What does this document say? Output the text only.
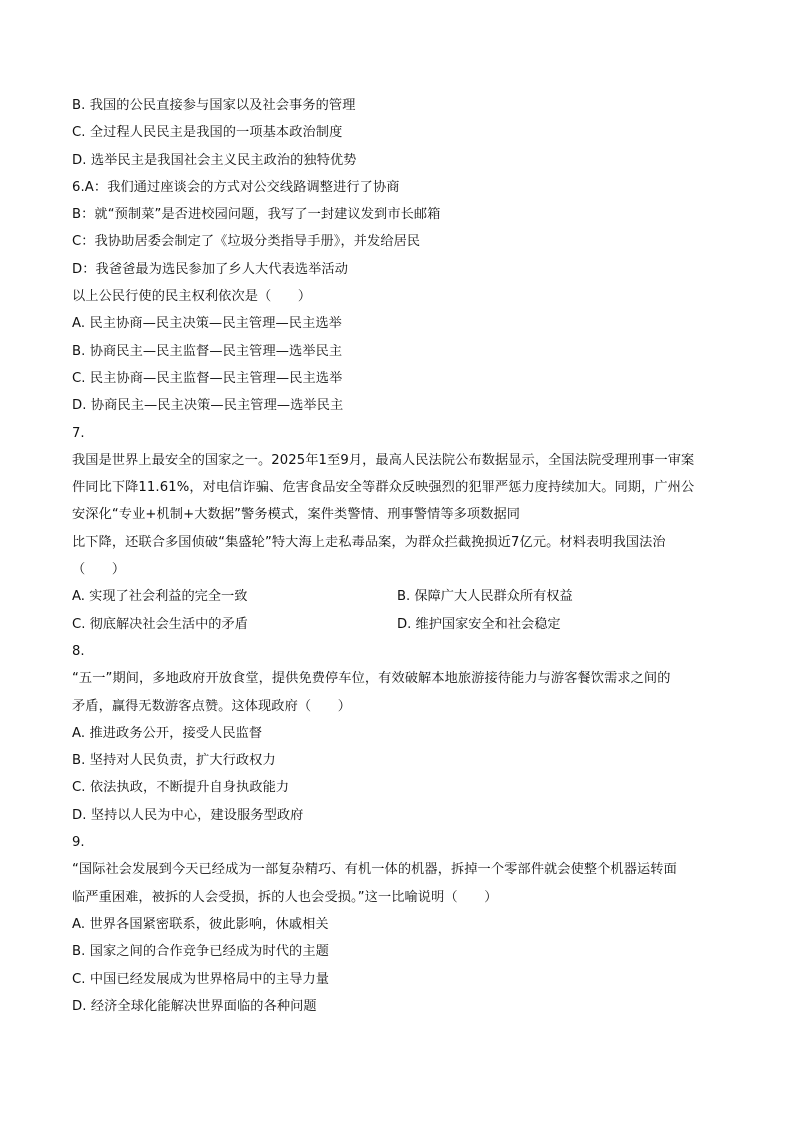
B. 我国的公民直接参与国家以及社会事务的管理
C. 全过程人民民主是我国的一项基本政治制度
D. 选举民主是我国社会主义民主政治的独特优势
6.A：我们通过座谈会的方式对公交线路调整进行了协商
B：就“预制菜”是否进校园问题，我写了一封建议发到市长邮箱
C：我协助居委会制定了《垃圾分类指导手册》，并发给居民
D：我爸爸最为选民参加了乡人大代表选举活动
以上公民行使的民主权利依次是（　　）
A. 民主协商—民主决策—民主管理—民主选举
B. 协商民主—民主监督—民主管理—选举民主
C. 民主协商—民主监督—民主管理—民主选举
D. 协商民主—民主决策—民主管理—选举民主
7.
我国是世界上最安全的国家之一。2025年1至9月，最高人民法院公布数据显示，全国法院受理刑事一审案
件同比下降11.61%，对电信诈骗、危害食品安全等群众反映强烈的犯罪严惩力度持续加大。同期，广州公
安深化“专业+机制+大数据”警务模式，案件类警情、刑事警情等多项数据同
比下降，还联合多国侦破“集盛轮”特大海上走私毒品案，为群众拦截挽损近7亿元。材料表明我国法治
（　　）
A. 实现了社会利益的完全一致	B. 保障广大人民群众所有权益
C. 彻底解决社会生活中的矛盾	D. 维护国家安全和社会稳定
8.
“五一”期间，多地政府开放食堂，提供免费停车位，有效破解本地旅游接待能力与游客餐饮需求之间的
矛盾，赢得无数游客点赞。这体现政府（　　）
A. 推进政务公开，接受人民监督
B. 坚持对人民负责，扩大行政权力
C. 依法执政，不断提升自身执政能力
D. 坚持以人民为中心，建设服务型政府
9.
“国际社会发展到今天已经成为一部复杂精巧、有机一体的机器，拆掉一个零部件就会使整个机器运转面
临严重困难，被拆的人会受损，拆的人也会受损。”这一比喻说明（　　）
A. 世界各国紧密联系，彼此影响，休戚相关
B. 国家之间的合作竞争已经成为时代的主题
C. 中国已经发展成为世界格局中的主导力量
D. 经济全球化能解决世界面临的各种问题
